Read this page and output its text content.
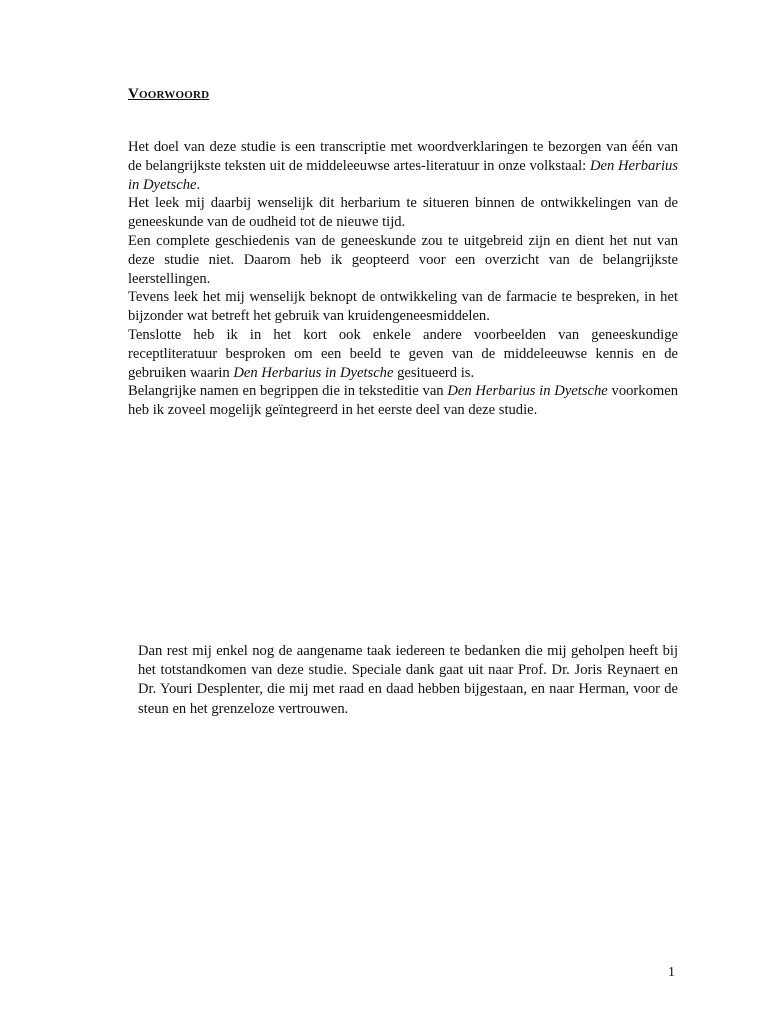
Voorwoord

Het doel van deze studie is een transcriptie met woordverklaringen te bezorgen van één van de belangrijkste teksten uit de middeleeuwse artes-literatuur in onze volkstaal: Den Herbarius in Dyetsche.

Het leek mij daarbij wenselijk dit herbarium te situeren binnen de ontwikkelingen van de geneeskunde van de oudheid tot de nieuwe tijd.

Een complete geschiedenis van de geneeskunde zou te uitgebreid zijn en dient het nut van deze studie niet. Daarom heb ik geopteerd voor een overzicht van de belangrijkste leerstellingen.

Tevens leek het mij wenselijk beknopt de ontwikkeling van de farmacie te bespreken, in het bijzonder wat betreft het gebruik van kruidengeneesmiddelen.

Tenslotte heb ik in het kort ook enkele andere voorbeelden van geneeskundige receptliteratuur besproken om een beeld te geven van de middeleeuwse kennis en de gebruiken waarin Den Herbarius in Dyetsche gesitueerd is.

Belangrijke namen en begrippen die in teksteditie van Den Herbarius in Dyetsche voorkomen heb ik zoveel mogelijk geïntegreerd in het eerste deel van deze studie.

Dan rest mij enkel nog de aangename taak iedereen te bedanken die mij geholpen heeft bij het totstandkomen van deze studie. Speciale dank gaat uit naar Prof. Dr. Joris Reynaert en Dr. Youri Desplenter, die mij met raad en daad hebben bijgestaan, en naar Herman, voor de steun en het grenzeloze vertrouwen.

1
